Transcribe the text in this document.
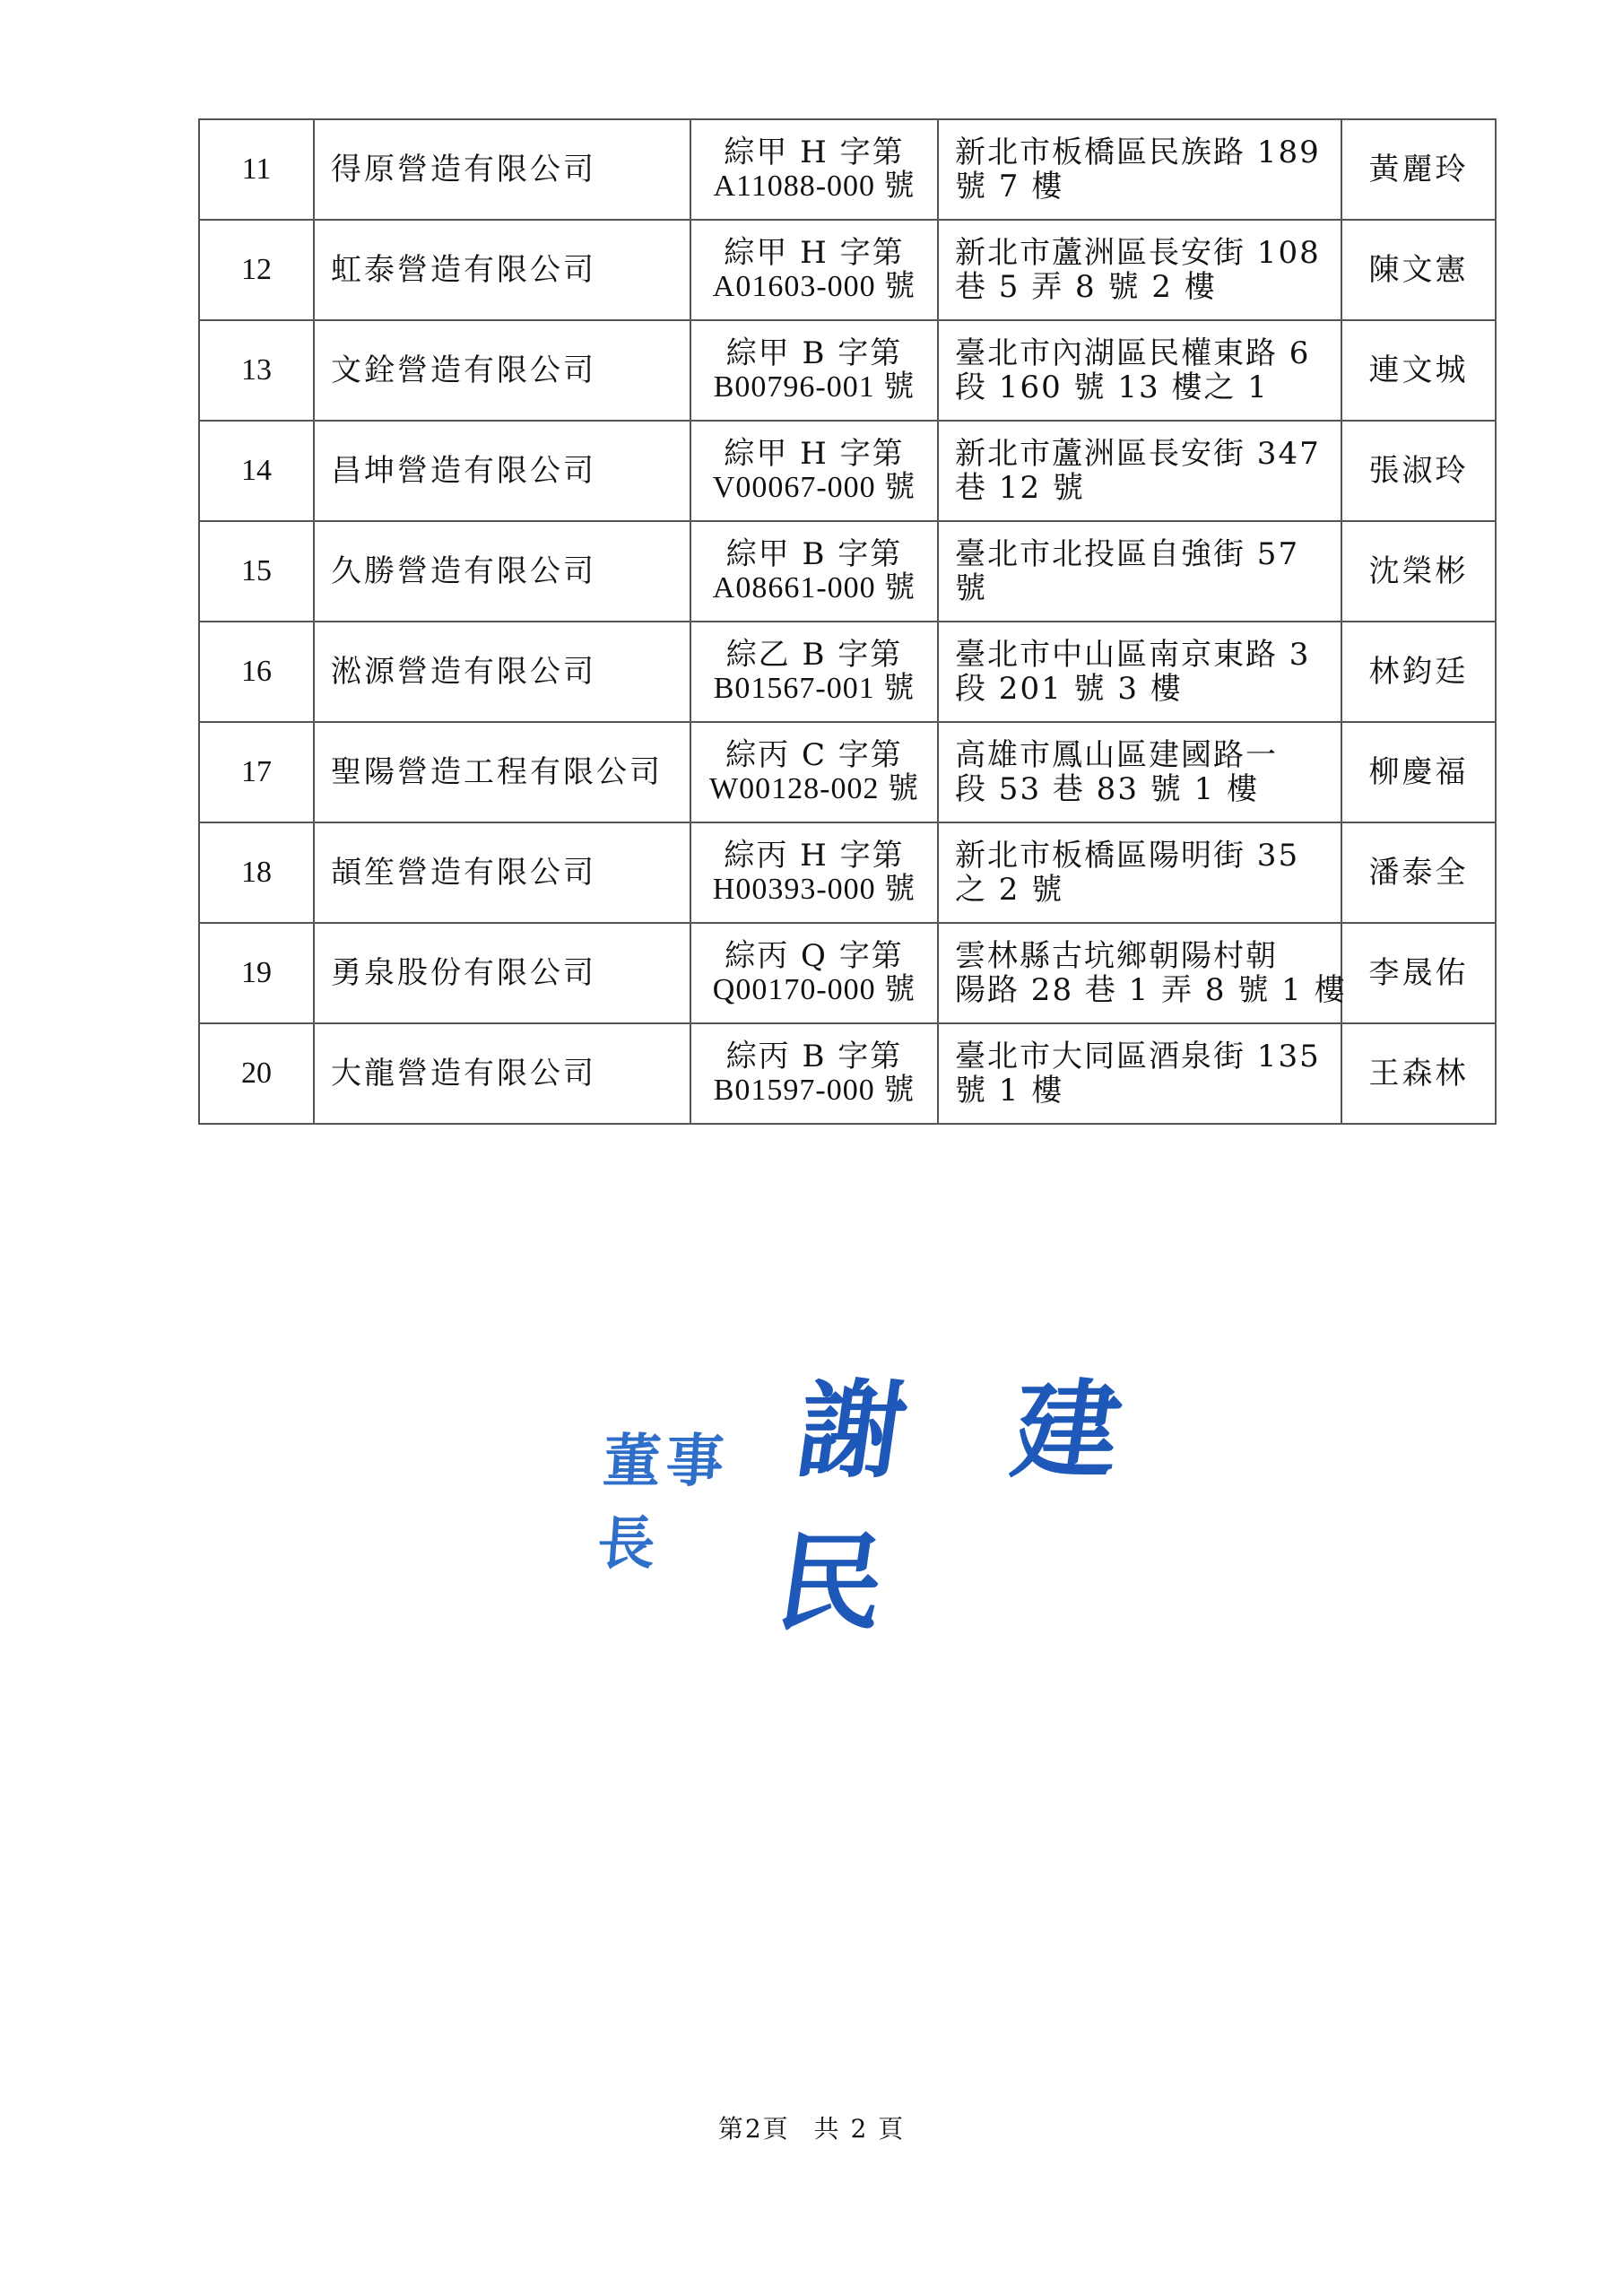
11	得原營造有限公司	綜甲 H 字第
A11088-000 號	新北市板橋區民族路 189
號 7 樓	黃麗玲
12	虹泰營造有限公司	綜甲 H 字第
A01603-000 號	新北市蘆洲區長安街 108
巷 5 弄 8 號 2 樓	陳文憲
13	文銓營造有限公司	綜甲 B 字第
B00796-001 號	臺北市內湖區民權東路 6
段 160 號 13 樓之 1	連文城
14	昌坤營造有限公司	綜甲 H 字第
V00067-000 號	新北市蘆洲區長安街 347
巷 12 號	張淑玲
15	久勝營造有限公司	綜甲 B 字第
A08661-000 號	臺北市北投區自強街 57
號	沈榮彬
16	淞源營造有限公司	綜乙 B 字第
B01567-001 號	臺北市中山區南京東路 3
段 201 號 3 樓	林鈞廷
17	聖陽營造工程有限公司	綜丙 C 字第
W00128-002 號	高雄市鳳山區建國路一
段 53 巷 83 號 1 樓	柳慶福
18	頡笙營造有限公司	綜丙 H 字第
H00393-000 號	新北市板橋區陽明街 35
之 2 號	潘泰全
19	勇泉股份有限公司	綜丙 Q 字第
Q00170-000 號	雲林縣古坑鄉朝陽村朝
陽路 28 巷 1 弄 8 號 1 樓	李晟佑
20	大龍營造有限公司	綜丙 B 字第
B01597-000 號	臺北市大同區酒泉街 135
號 1 樓	王森林
董事長
謝 建 民
第2頁 共 2 頁
